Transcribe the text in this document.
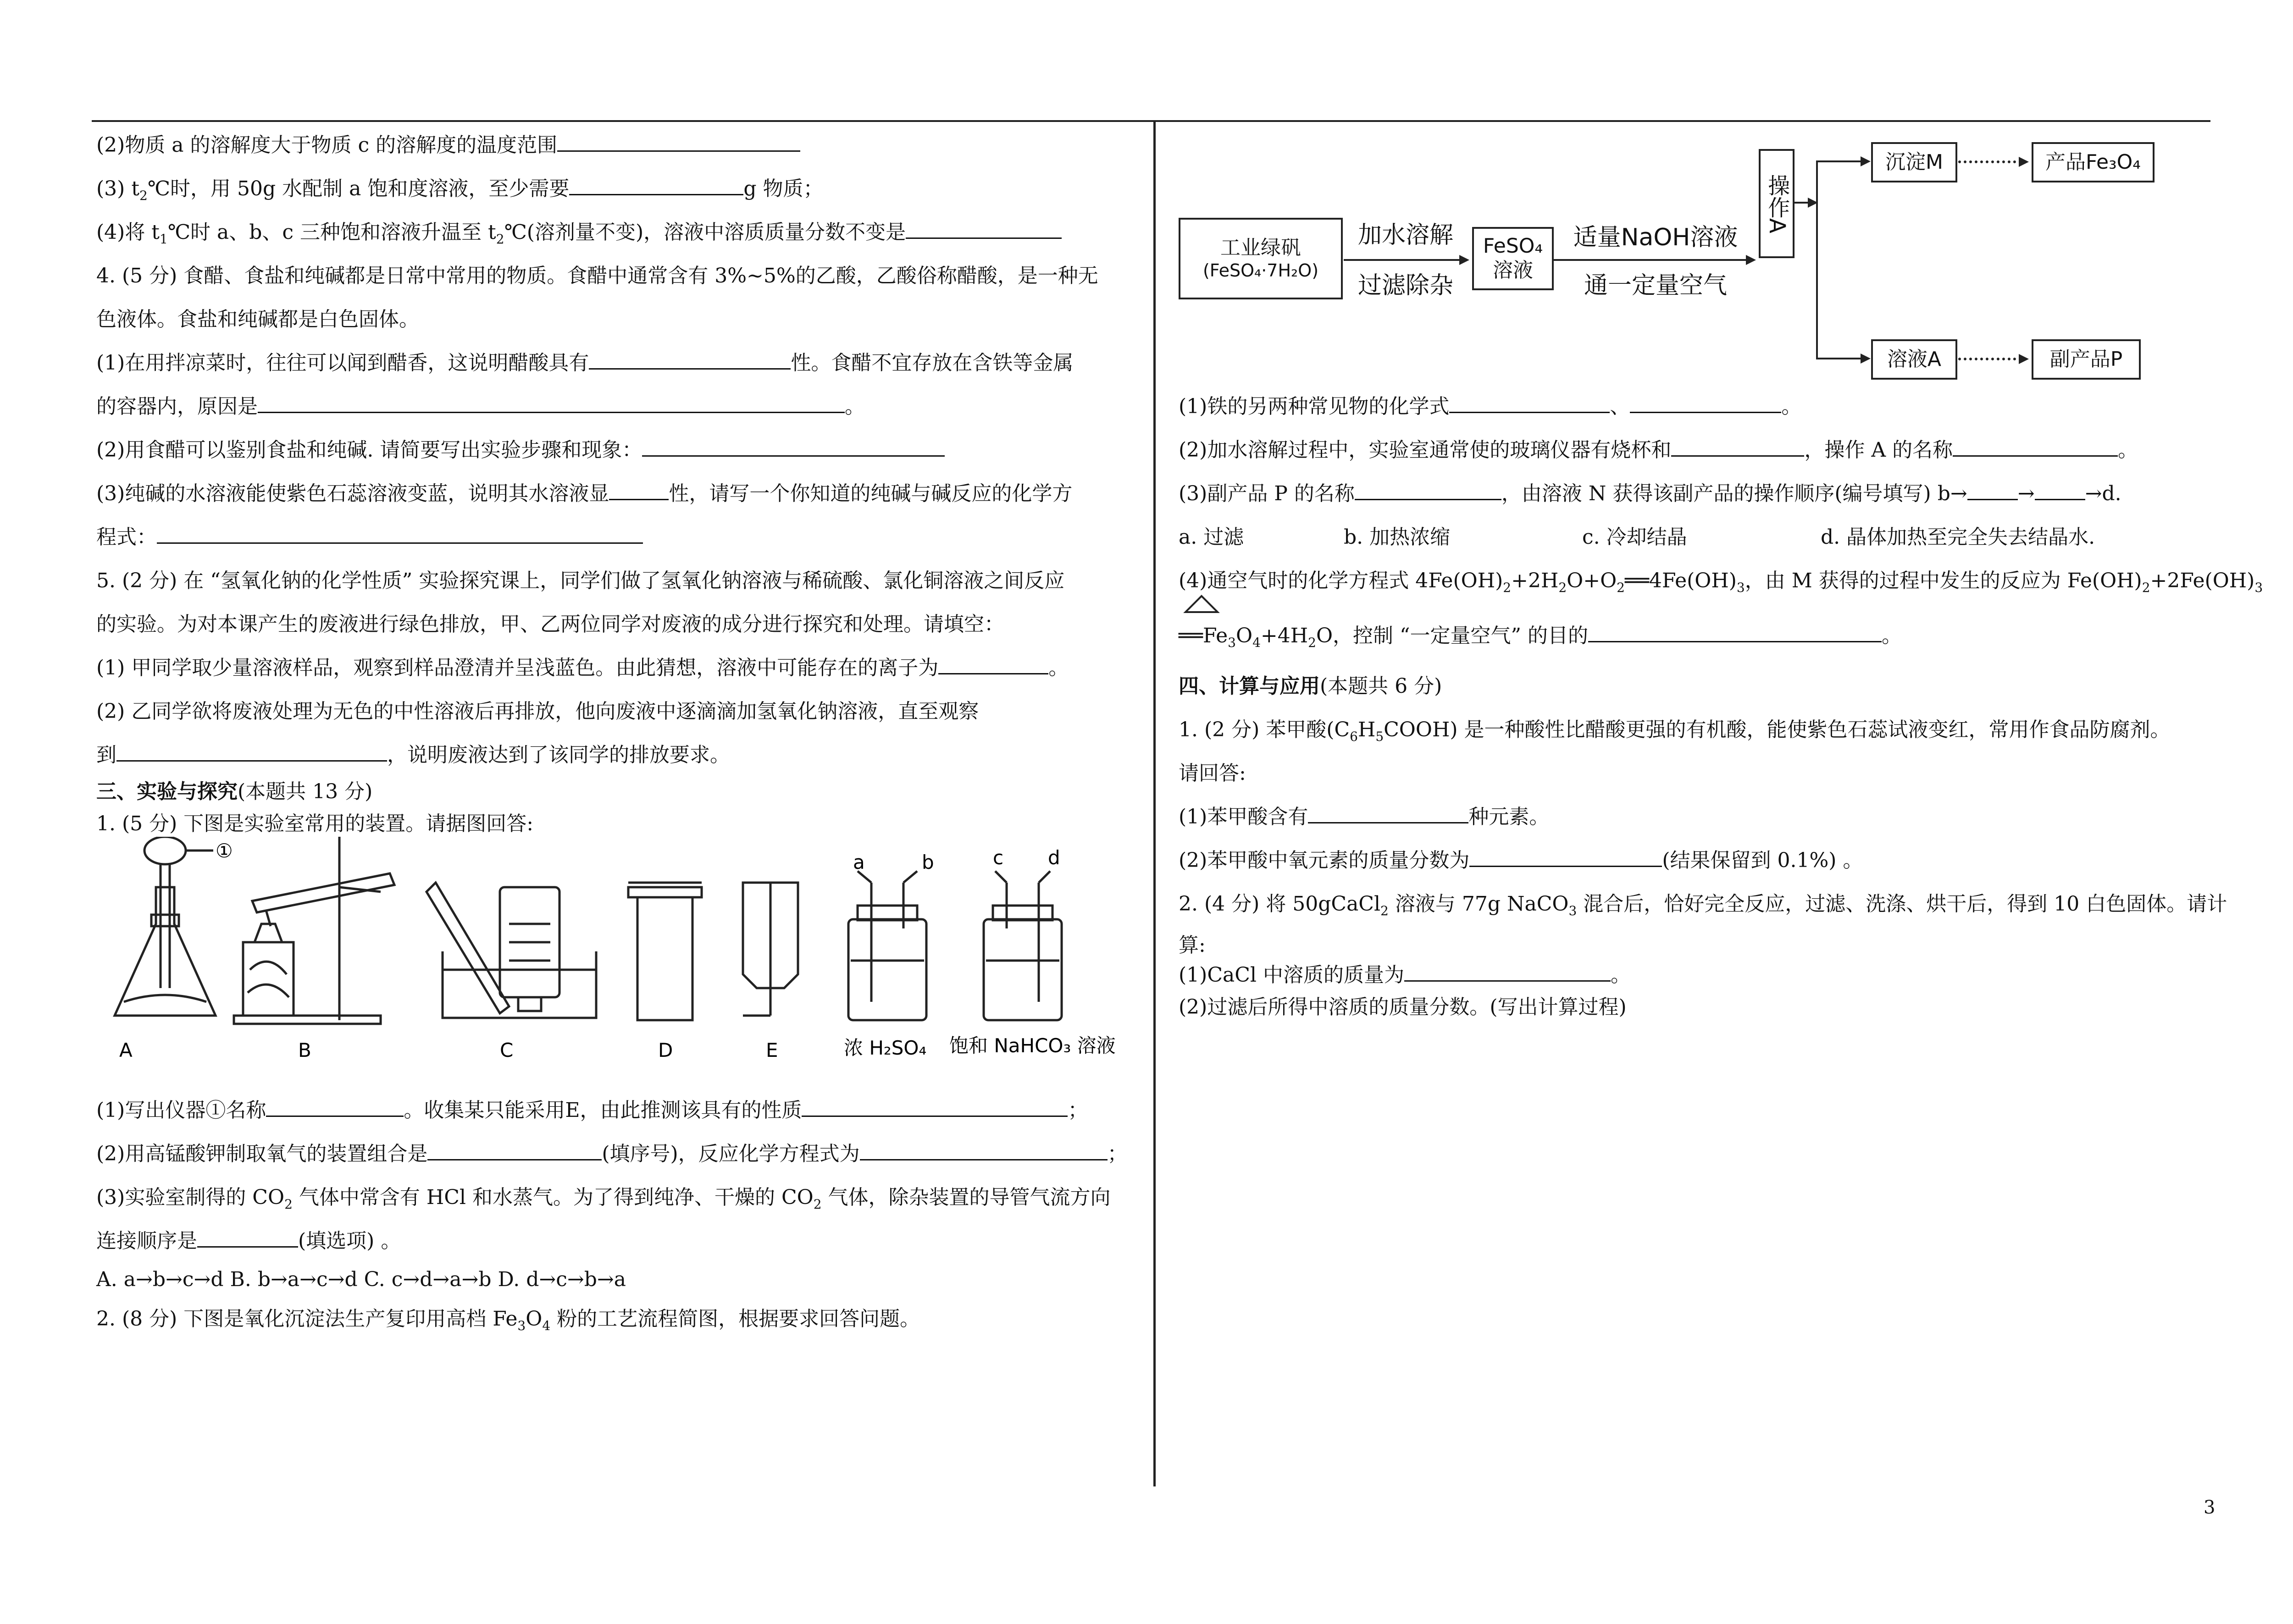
(2)物质 a 的溶解度大于物质 c 的溶解度的温度范围
(3) $t_2℃$时，用 50g 水配制 a 饱和度溶液，至少需要	g 物质；
(4)将 $t_1℃$时 a、b、c 三种饱和溶液升温至 $t_2℃$(溶剂量不变)，溶液中溶质质量分数不变是
4. (5 分) 食醋、食盐和纯碱都是日常中常用的物质。食醋中通常含有 3%~5%的乙酸，乙酸俗称醋酸，是一种无
色液体。食盐和纯碱都是白色固体。
(1)在用拌凉菜时，往往可以闻到醋香，这说明醋酸具有	性。食醋不宜存放在含铁等金属
的容器内，原因是	。
(2)用食醋可以鉴别食盐和纯碱. 请简要写出实验步骤和现象：
(3)纯碱的水溶液能使紫色石蕊溶液变蓝，说明其水溶液显	性，请写一个你知道的纯碱与碱反应的化学方
程式：
5. (2 分) 在 “氢氧化钠的化学性质” 实验探究课上，同学们做了氢氧化钠溶液与稀硫酸、氯化铜溶液之间反应
的实验。为对本课产生的废液进行绿色排放，甲、乙两位同学对废液的成分进行探究和处理。请填空：
(1) 甲同学取少量溶液样品，观察到样品澄清并呈浅蓝色。由此猜想，溶液中可能存在的离子为	。
(2) 乙同学欲将废液处理为无色的中性溶液后再排放，他向废液中逐滴滴加氢氧化钠溶液，直至观察
到	，说明废液达到了该同学的排放要求。
三、实验与探究(本题共 13 分)
1. (5 分) 下图是实验室常用的装置。请据图回答:
(1)写出仪器①名称	。收集某只能采用E，由此推测该具有的性质	；
(2)用高锰酸钾制取氧气的装置组合是	(填序号)，反应化学方程式为	；
(3)实验室制得的 $CO_2$ 气体中常含有 HCl 和水蒸气。为了得到纯净、干燥的 $CO_2$ 气体，除杂装置的导管气流方向
连接顺序是	(填选项) 。
A. a→b→c→d B. b→a→c→d C. c→d→a→b D. d→c→b→a
2. (8 分) 下图是氧化沉淀法生产复印用高档 $Fe_3O_4$ 粉的工艺流程简图，根据要求回答问题。
A	B	C	D	E
①
a	b	c d
浓 H₂SO₄ 饱和 NaHCO₃ 溶液
工业绿矾
(FeSO₄·7H₂O)
加水溶解
过滤除杂
FeSO₄
溶液
适量NaOH溶液
通一定量空气
操作A
沉淀M	产品Fe₃O₄
溶液A	副产品P
(1)铁的另两种常见物的化学式	、	。
(2)加水溶解过程中，实验室通常使的玻璃仪器有烧杯和	，操作 A 的名称	。
(3)副产品 P 的名称	，由溶液 N 获得该副产品的操作顺序(编号填写) b→	→	→d.
a. 过滤	b. 加热浓缩	c. 冷却结晶	d. 晶体加热至完全失去结晶水.
(4)通空气时的化学方程式 $4Fe(OH)_2+2H_2O+O_2══4Fe(OH)_3$，由 M 获得的过程中发生的反应为 $Fe(OH)_2+2Fe(OH)_3$
$══Fe_3O_4+4H_2O$，控制 “一定量空气” 的目的	。
四、计算与应用(本题共 6 分)
1. (2 分) 苯甲酸$(C_6H_5COOH)$ 是一种酸性比醋酸更强的有机酸，能使紫色石蕊试液变红，常用作食品防腐剂。
请回答:
(1)苯甲酸含有	种元素。
(2)苯甲酸中氧元素的质量分数为	(结果保留到 0.1%) 。
2. (4 分) 将 50gCaCl$_2$ 溶液与 77g NaCO$_3$ 混合后，恰好完全反应，过滤、洗涤、烘干后，得到 10 白色固体。请计
算:
(1)CaCl 中溶质的质量为	。
(2)过滤后所得中溶质的质量分数。(写出计算过程)
3
